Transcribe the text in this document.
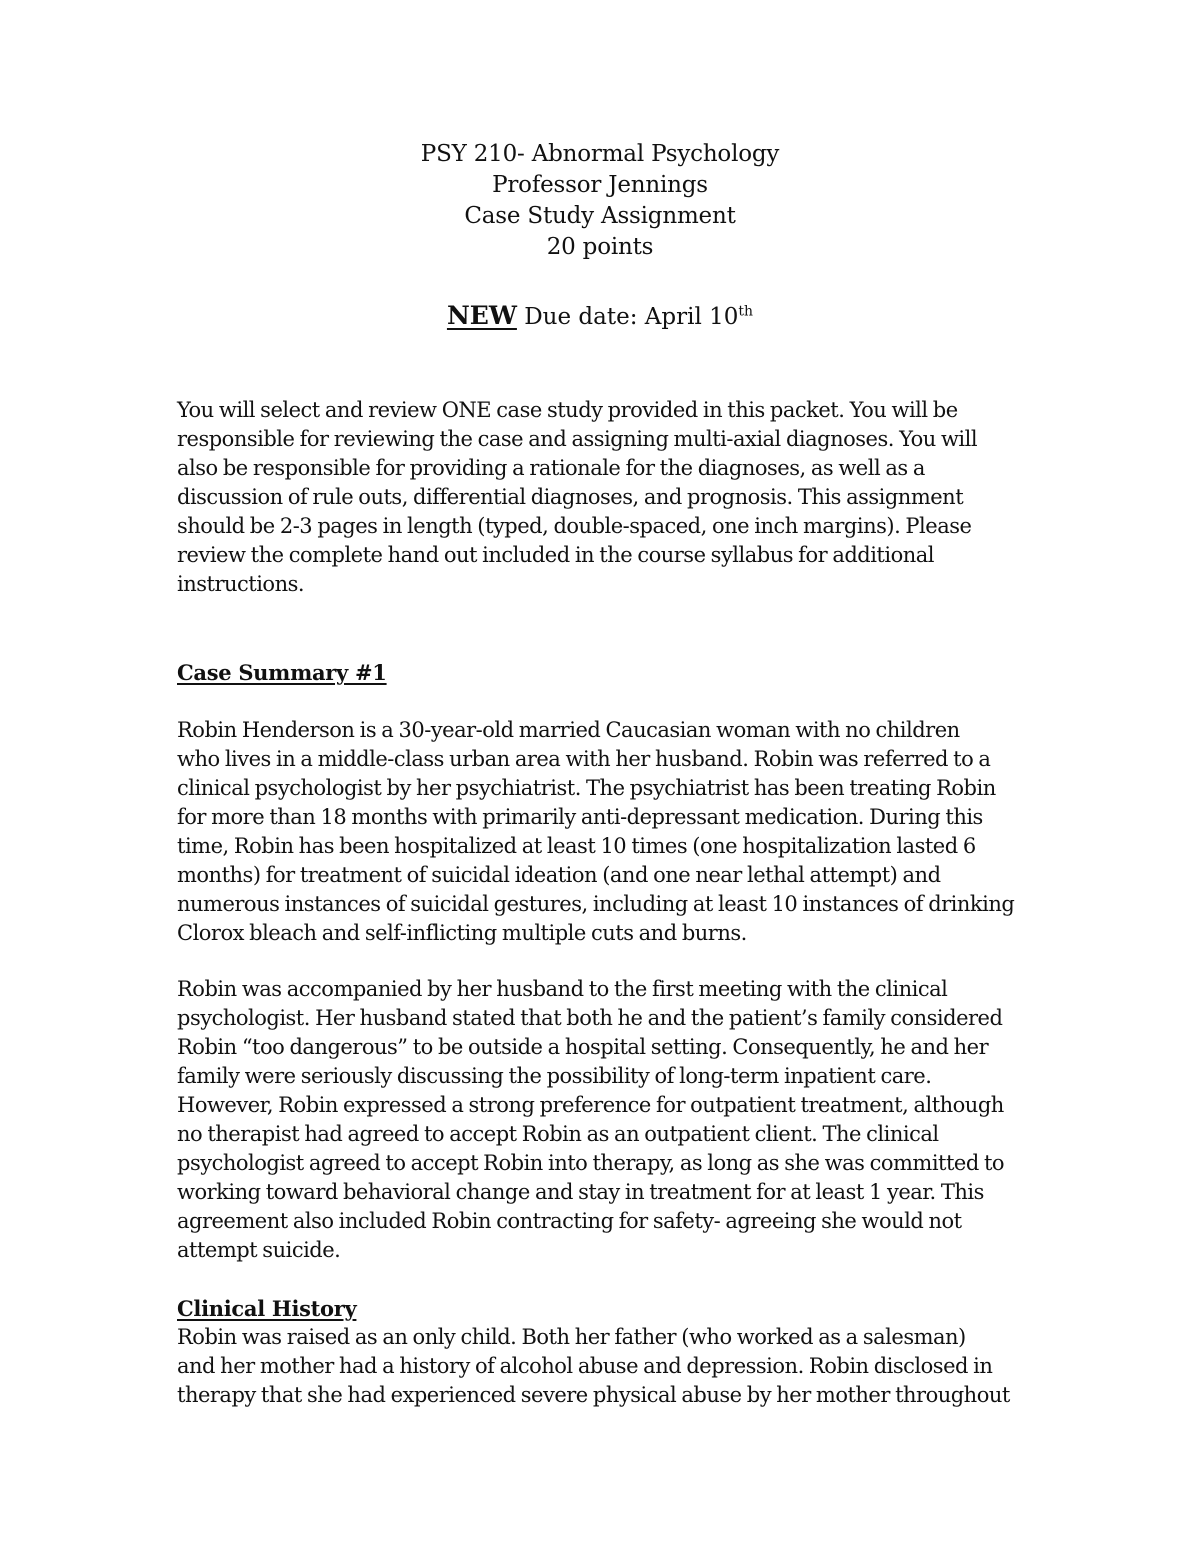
PSY 210- Abnormal Psychology
Professor Jennings
Case Study Assignment
20 points
NEW Due date: April 10th
You will select and review ONE case study provided in this packet. You will be
responsible for reviewing the case and assigning multi-axial diagnoses. You will
also be responsible for providing a rationale for the diagnoses, as well as a
discussion of rule outs, differential diagnoses, and prognosis. This assignment
should be 2-3 pages in length (typed, double-spaced, one inch margins). Please
review the complete hand out included in the course syllabus for additional
instructions.
Case Summary #1
Robin Henderson is a 30-year-old married Caucasian woman with no children
who lives in a middle-class urban area with her husband. Robin was referred to a
clinical psychologist by her psychiatrist. The psychiatrist has been treating Robin
for more than 18 months with primarily anti-depressant medication. During this
time, Robin has been hospitalized at least 10 times (one hospitalization lasted 6
months) for treatment of suicidal ideation (and one near lethal attempt) and
numerous instances of suicidal gestures, including at least 10 instances of drinking
Clorox bleach and self-inflicting multiple cuts and burns.
Robin was accompanied by her husband to the first meeting with the clinical
psychologist. Her husband stated that both he and the patient’s family considered
Robin “too dangerous” to be outside a hospital setting. Consequently, he and her
family were seriously discussing the possibility of long-term inpatient care.
However, Robin expressed a strong preference for outpatient treatment, although
no therapist had agreed to accept Robin as an outpatient client. The clinical
psychologist agreed to accept Robin into therapy, as long as she was committed to
working toward behavioral change and stay in treatment for at least 1 year. This
agreement also included Robin contracting for safety- agreeing she would not
attempt suicide.
Clinical History
Robin was raised as an only child. Both her father (who worked as a salesman)
and her mother had a history of alcohol abuse and depression. Robin disclosed in
therapy that she had experienced severe physical abuse by her mother throughout
